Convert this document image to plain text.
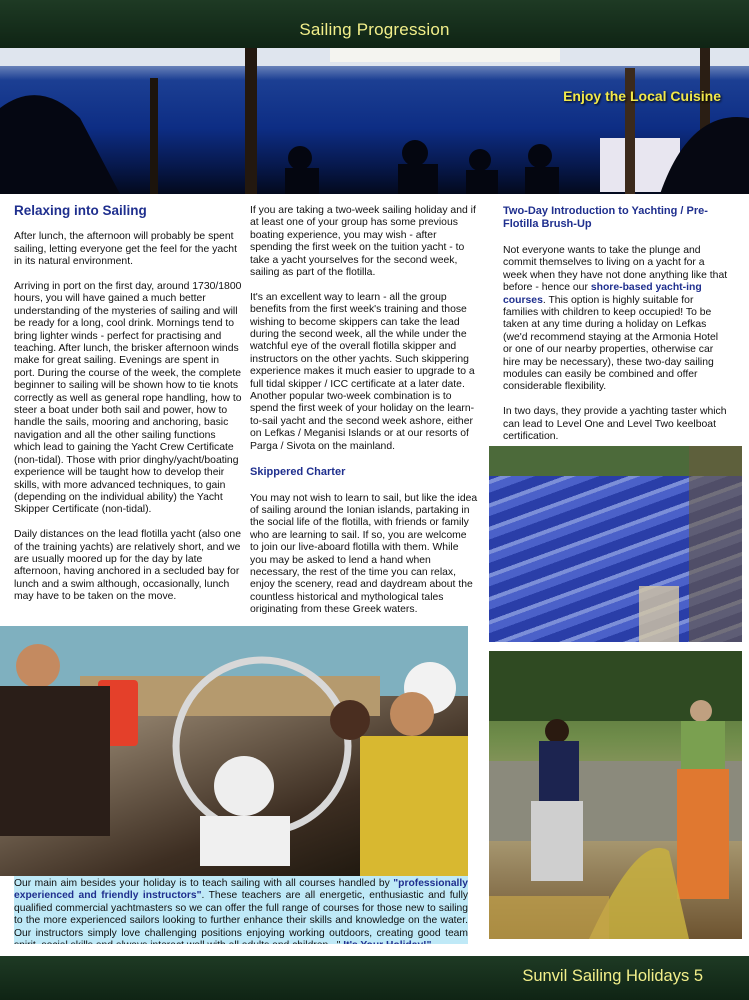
Sailing Progression
Enjoy the Local Cuisine
Relaxing into Sailing

After lunch, the afternoon will probably be spent sailing, letting everyone get the feel for the yacht in its natural environment.

Arriving in port on the first day, around 1730/1800 hours, you will have gained a much better understanding of the mysteries of sailing and will be ready for a long, cool drink. Mornings tend to bring lighter winds - perfect for practising and teaching. After lunch, the brisker afternoon winds make for great sailing. Evenings are spent in port. During the course of the week, the complete beginner to sailing will be shown how to tie knots correctly as well as general rope handling, how to steer a boat under both sail and power, how to handle the sails, mooring and anchoring, basic navigation and all the other sailing functions which lead to gaining the Yacht Crew Certificate (non-tidal). Those with prior dinghy/yacht/boating experience will be taught how to develop their skills, with more advanced techniques, to gain (depending on the individual ability) the Yacht Skipper Certificate (non-tidal).

Daily distances on the lead flotilla yacht (also one of the training yachts) are relatively short, and we are usually moored up for the day by late afternoon, having anchored in a secluded bay for lunch and a swim although, occasionally, lunch may have to be taken on the move.

If you are taking a two-week sailing holiday and if at least one of your group has some previous boating experience, you may wish - after spending the first week on the tuition yacht - to take a yacht yourselves for the second week, sailing as part of the flotilla.

It's an excellent way to learn - all the group benefits from the first week's training and those wishing to become skippers can take the lead during the second week, all the while under the watchful eye of the overall flotilla skipper and instructors on the other yachts. Such skippering experience makes it much easier to upgrade to a full tidal skipper / ICC certificate at a later date. Another popular two-week combination is to spend the first week of your holiday on the learn-to-sail yacht and the second week ashore, either on Lefkas / Meganisi Islands or at our resorts of Parga / Sivota on the mainland.

Skippered Charter

You may not wish to learn to sail, but like the idea of sailing around the Ionian islands, partaking in the social life of the flotilla, with friends or family who are learning to sail. If so, you are welcome to join our live-aboard flotilla with them. While you may be asked to lend a hand when necessary, the rest of the time you can relax, enjoy the scenery, read and daydream about the countless historical and mythological tales originating from these Greek waters.

Two-Day Introduction to Yachting / Pre-Flotilla Brush-Up

Not everyone wants to take the plunge and commit themselves to living on a yacht for a week when they have not done anything like that before - hence our shore-based yacht-ing courses. This option is highly suitable for families with children to keep occupied! To be taken at any time during a holiday on Lefkas (we'd recommend staying at the Armonia Hotel or one of our nearby properties, otherwise car hire may be necessary), these two-day sailing modules can easily be combined and offer considerable flexibility.

In two days, they provide a yachting taster which can lead to Level One and Level Two keelboat certification.

Our main aim besides your holiday is to teach sailing with all courses handled by "professionally experienced and friendly instructors". These teachers are all energetic, enthusiastic and fully qualified commercial yachtmasters so we can offer the full range of courses for those new to sailing to the more experienced sailors looking to further enhance their skills and knowledge on the water. Our instructors simply love challenging positions enjoying working outdoors, creating good team
Sunvil Sailing Holidays 5
